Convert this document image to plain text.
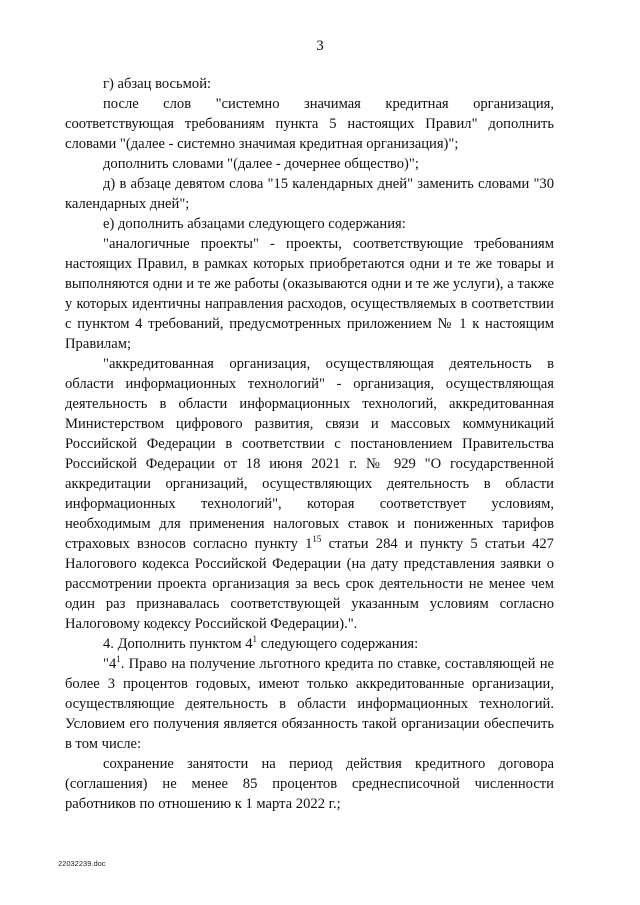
3

г) абзац восьмой:

после слов "системно значимая кредитная организация, соответствующая требованиям пункта 5 настоящих Правил" дополнить словами "(далее - системно значимая кредитная организация)";

дополнить словами "(далее - дочернее общество)";

д) в абзаце девятом слова "15 календарных дней" заменить словами "30 календарных дней";

е) дополнить абзацами следующего содержания:

"аналогичные проекты" - проекты, соответствующие требованиям настоящих Правил, в рамках которых приобретаются одни и те же товары и выполняются одни и те же работы (оказываются одни и те же услуги), а также у которых идентичны направления расходов, осуществляемых в соответствии с пунктом 4 требований, предусмотренных приложением № 1 к настоящим Правилам;

"аккредитованная организация, осуществляющая деятельность в области информационных технологий" - организация, осуществляющая деятельность в области информационных технологий, аккредитованная Министерством цифрового развития, связи и массовых коммуникаций Российской Федерации в соответствии с постановлением Правительства Российской Федерации от 18 июня 2021 г. № 929 "О государственной аккредитации организаций, осуществляющих деятельность в области информационных технологий", которая соответствует условиям, необходимым для применения налоговых ставок и пониженных тарифов страховых взносов согласно пункту $1^{15}$ статьи 284 и пункту 5 статьи 427 Налогового кодекса Российской Федерации (на дату представления заявки о рассмотрении проекта организация за весь срок деятельности не менее чем один раз признавалась соответствующей указанным условиям согласно Налоговому кодексу Российской Федерации).".

4. Дополнить пунктом $4^1$ следующего содержания:

"$4^1$. Право на получение льготного кредита по ставке, составляющей не более 3 процентов годовых, имеют только аккредитованные организации, осуществляющие деятельность в области информационных технологий. Условием его получения является обязанность такой организации обеспечить в том числе:

сохранение занятости на период действия кредитного договора (соглашения) не менее 85 процентов среднесписочной численности работников по отношению к 1 марта 2022 г.;

22032239.doc
